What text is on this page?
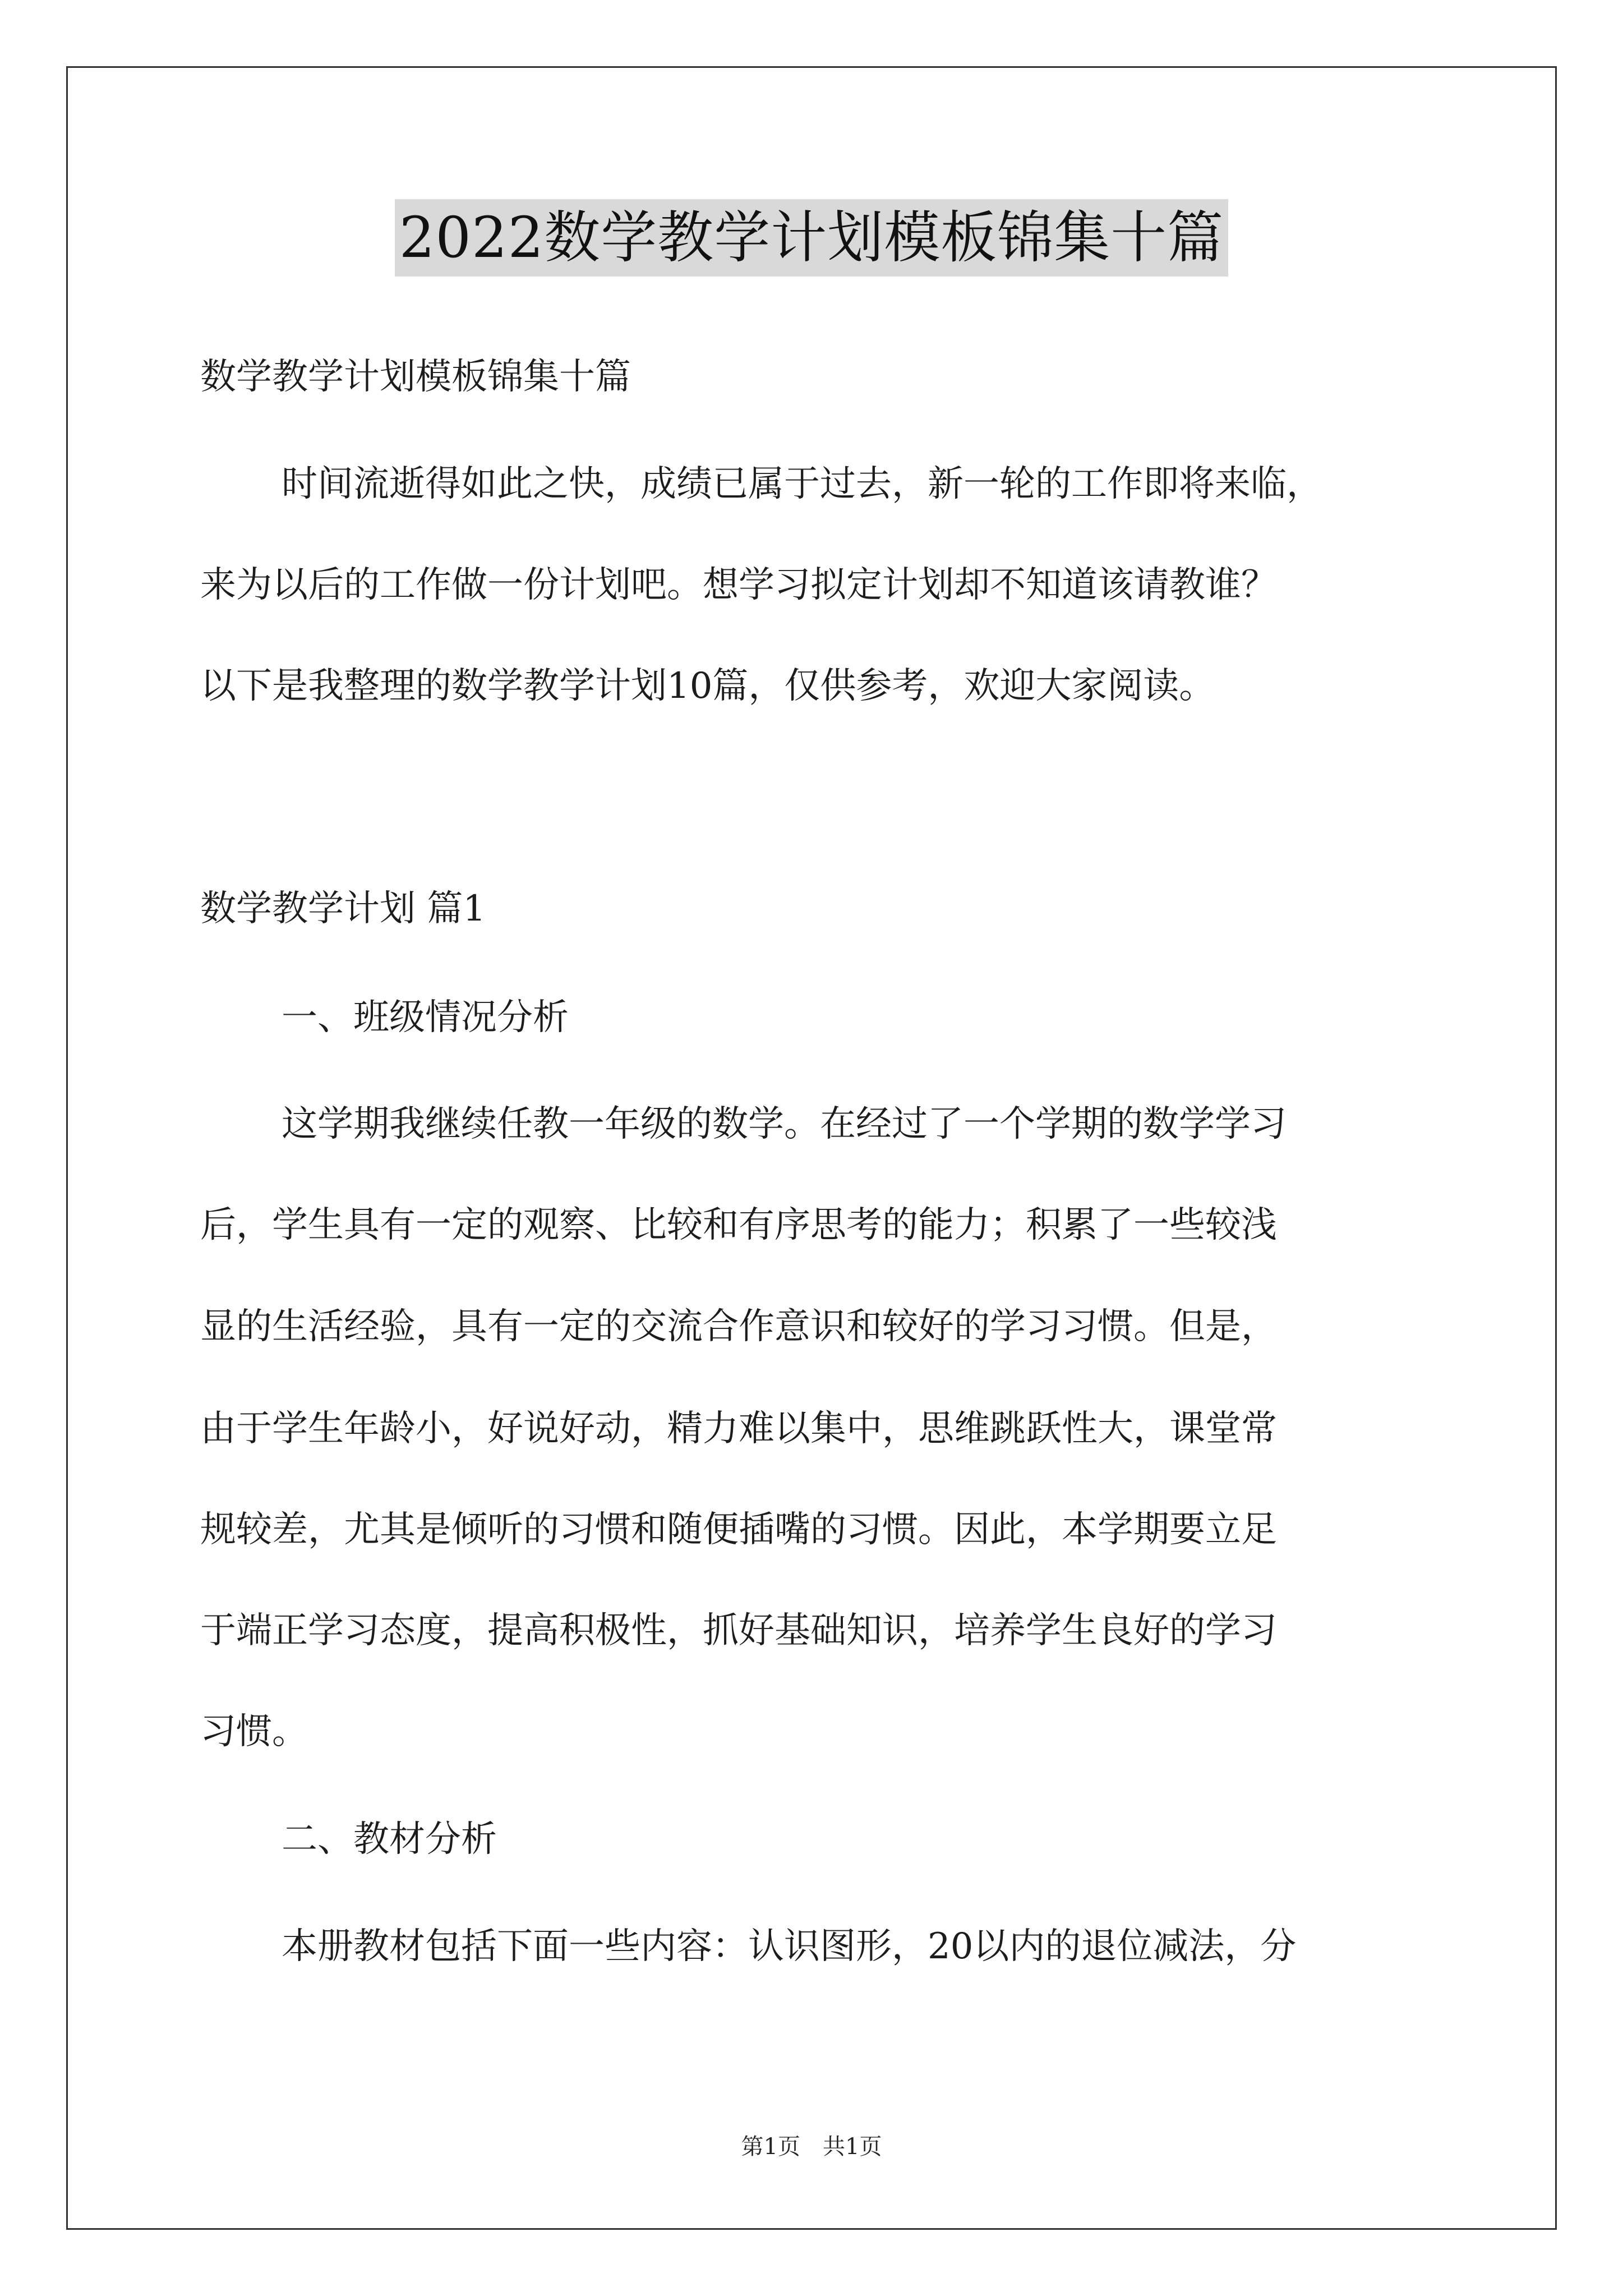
2022数学教学计划模板锦集十篇
数学教学计划模板锦集十篇
时间流逝得如此之快，成绩已属于过去，新一轮的工作即将来临，
来为以后的工作做一份计划吧。想学习拟定计划却不知道该请教谁？
以下是我整理的数学教学计划10篇，仅供参考，欢迎大家阅读。
数学教学计划 篇1
一、班级情况分析
这学期我继续任教一年级的数学。在经过了一个学期的数学学习
后，学生具有一定的观察、比较和有序思考的能力；积累了一些较浅
显的生活经验，具有一定的交流合作意识和较好的学习习惯。但是，
由于学生年龄小，好说好动，精力难以集中，思维跳跃性大，课堂常
规较差，尤其是倾听的习惯和随便插嘴的习惯。因此，本学期要立足
于端正学习态度，提高积极性，抓好基础知识，培养学生良好的学习
习惯。
二、教材分析
本册教材包括下面一些内容：认识图形，20以内的退位减法，分
第1页　共1页
